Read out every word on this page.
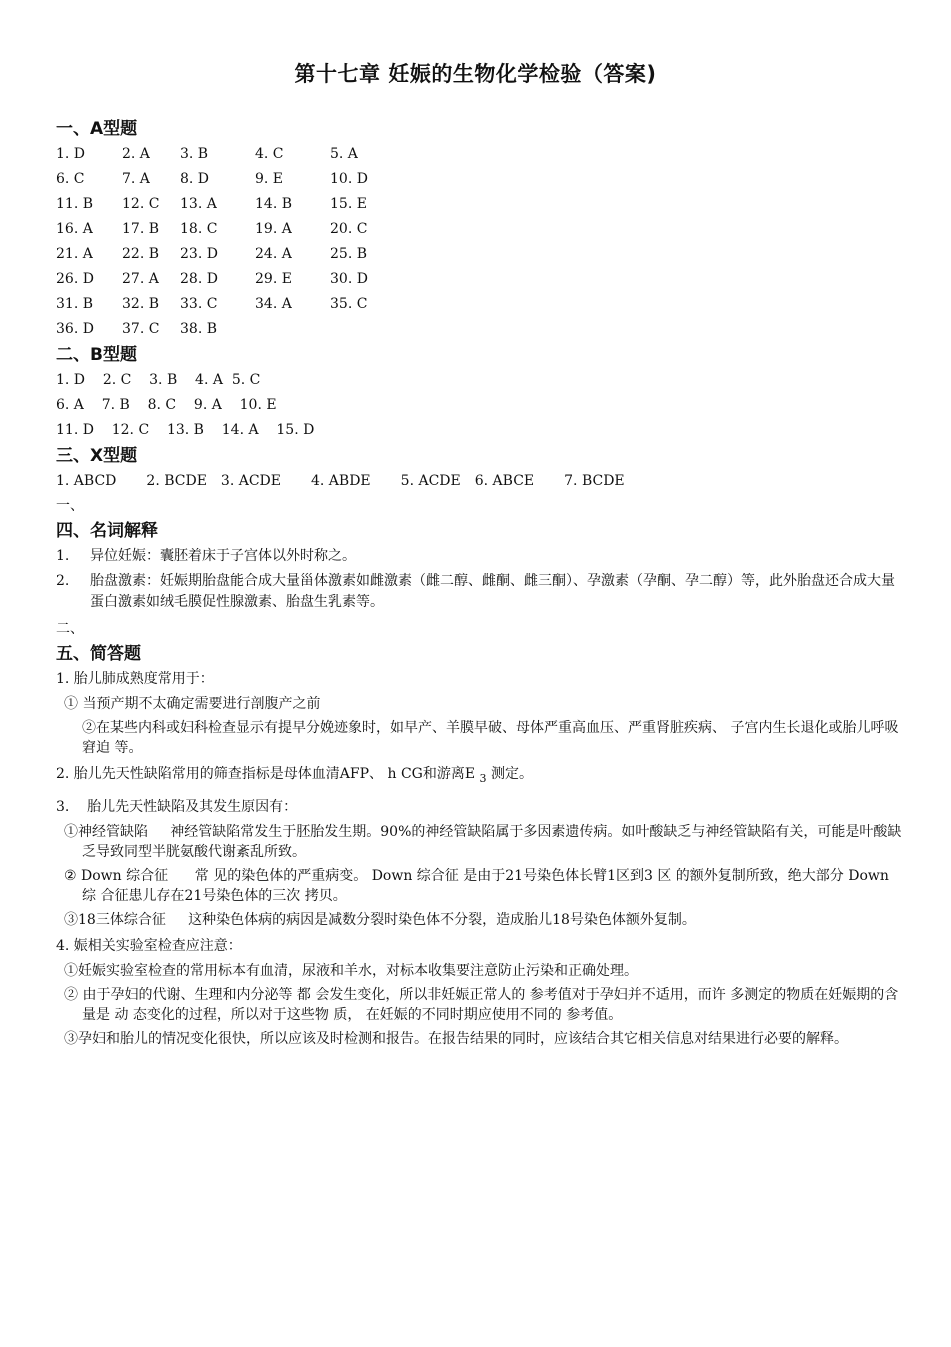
第十七章 妊娠的生物化学检验（答案)
一、A型题
1. D	2. A 3. B	4. C	5. A
6. C	7. A 8. D	9. E	10. D
11. B 12. C 13. A	14. B	15. E
16. A 17. B 18. C	19. A	20. C
21. A 22. B 23. D	24. A	25. B
26. D 27. A 28. D	29. E	30. D
31. B 32. B 33. C	34. A	35. C
36. D 37. C 38. B
二、B型题
1. D    2. C    3. B    4. A  5. C
6. A    7. B    8. C    9. A    10. E
11. D    12. C    13. B    14. A    15. D
三、X型题
1. ABCD 2. BCDE 3. ACDE 4. ABDE 5. ACDE 6. ABCE 7. BCDE
一、
四、名词解释
1. 异位妊娠：囊胚着床于子宫体以外时称之。
2. 胎盘激素：妊娠期胎盘能合成大量甾体激素如雌激素（雌二醇、雌酮、雌三酮）、孕激素（孕酮、孕二醇）等，此外胎盘还合成大量蛋白激素如绒毛膜促性腺激素、胎盘生乳素等。
二、
五、简答题
1. 胎儿肺成熟度常用于：
① 当预产期不太确定需要进行剖腹产之前
②在某些内科或妇科检查显示有提早分娩迹象时，如早产、羊膜早破、母体严重高血压、严重肾脏疾病、 子宫内生长退化或胎儿呼吸窘迫 等。
2. 胎儿先天性缺陷常用的筛查指标是母体血清AFP、 h CG和游离E $_3$ 测定。
3.    胎儿先天性缺陷及其发生原因有：
①神经管缺陷     神经管缺陷常发生于胚胎发生期。90%的神经管缺陷属于多因素遗传病。如叶酸缺乏与神经管缺陷有关，可能是叶酸缺乏导致同型半胱氨酸代谢紊乱所致。
② Down 综合征      常 见的染色体的严重病变。 Down 综合征 是由于21号染色体长臂1区到3 区 的额外复制所致，绝大部分 Down 综 合征患儿存在21号染色体的三次 拷贝。
③18三体综合征     这种染色体病的病因是减数分裂时染色体不分裂，造成胎儿18号染色体额外复制。
4. 娠相关实验室检查应注意：
①妊娠实验室检查的常用标本有血清，尿液和羊水，对标本收集要注意防止污染和正确处理。
② 由于孕妇的代谢、生理和内分泌等 都 会发生变化，所以非妊娠正常人的 参考值对于孕妇并不适用，而许 多测定的物质在妊娠期的含量是 动 态变化的过程，所以对于这些物 质， 在妊娠的不同时期应使用不同的 参考值。
③孕妇和胎儿的情况变化很快，所以应该及时检测和报告。在报告结果的同时，应该结合其它相关信息对结果进行必要的解释。
